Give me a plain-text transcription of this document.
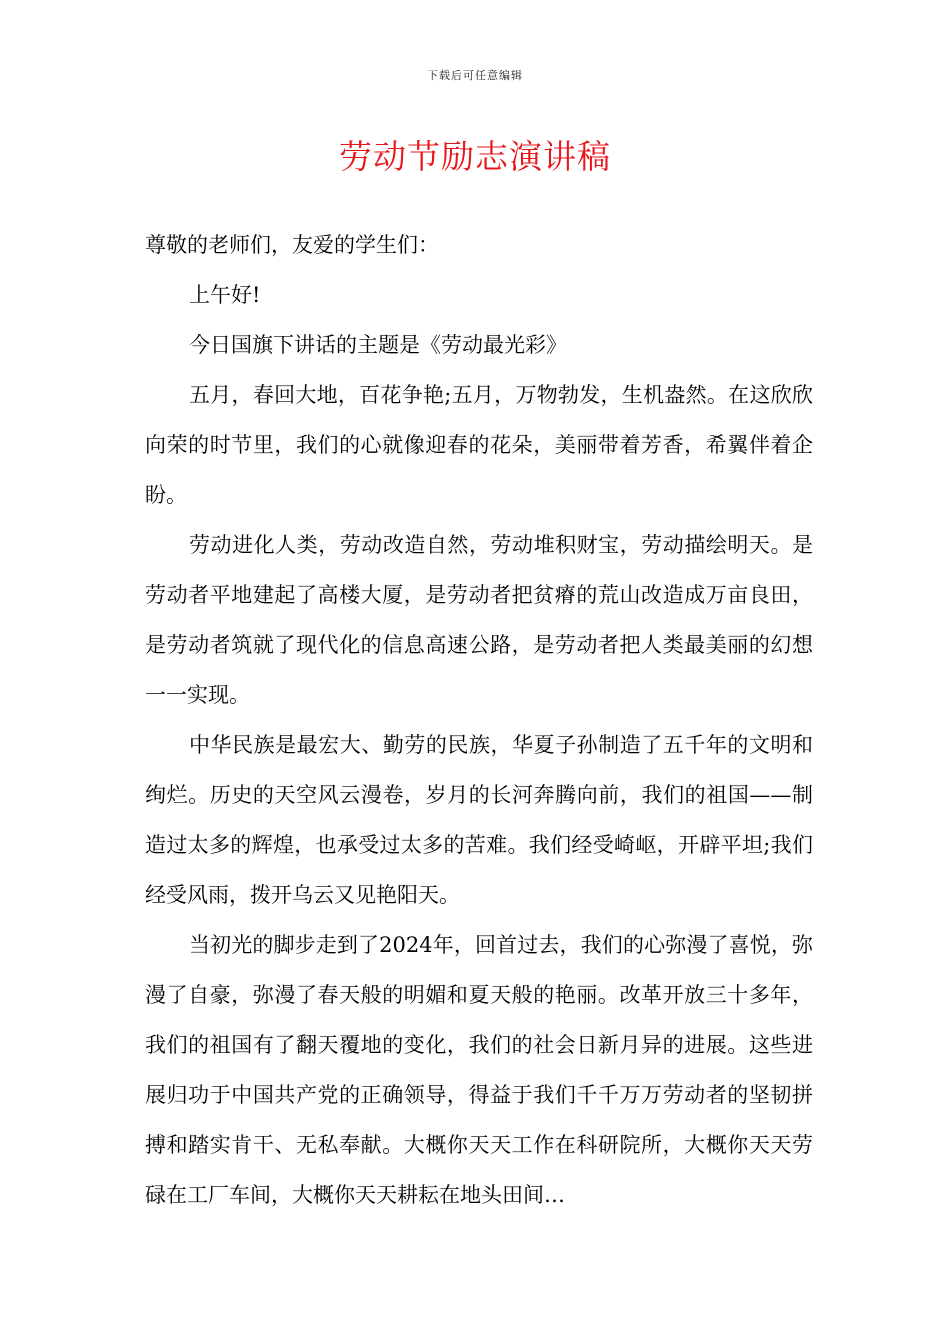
下载后可任意编辑
劳动节励志演讲稿

尊敬的老师们，友爱的学生们：

上午好!

今日国旗下讲话的主题是《劳动最光彩》

五月，春回大地，百花争艳;五月，万物勃发，生机盎然。在这欣欣向荣的时节里，我们的心就像迎春的花朵，美丽带着芳香，希翼伴着企盼。

劳动进化人类，劳动改造自然，劳动堆积财宝，劳动描绘明天。是劳动者平地建起了高楼大厦，是劳动者把贫瘠的荒山改造成万亩良田，是劳动者筑就了现代化的信息高速公路，是劳动者把人类最美丽的幻想一一实现。

中华民族是最宏大、勤劳的民族，华夏子孙制造了五千年的文明和绚烂。历史的天空风云漫卷，岁月的长河奔腾向前，我们的祖国——制造过太多的辉煌，也承受过太多的苦难。我们经受崎岖，开辟平坦;我们经受风雨，拨开乌云又见艳阳天。

当初光的脚步走到了2024年，回首过去，我们的心弥漫了喜悦，弥漫了自豪，弥漫了春天般的明媚和夏天般的艳丽。改革开放三十多年，我们的祖国有了翻天覆地的变化，我们的社会日新月异的进展。这些进展归功于中国共产党的正确领导，得益于我们千千万万劳动者的坚韧拼搏和踏实肯干、无私奉献。大概你天天工作在科研院所，大概你天天劳碌在工厂车间，大概你天天耕耘在地头田间…
